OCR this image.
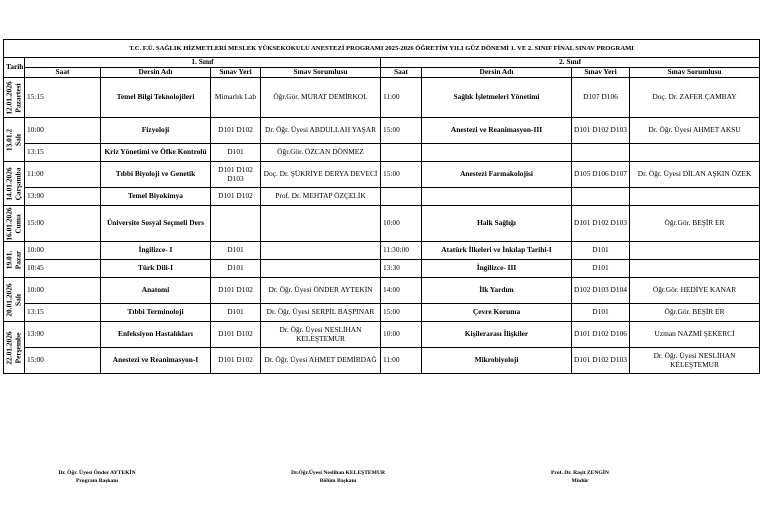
T.C. F.Ü. SAĞLIK HİZMETLERİ MESLEK YÜKSEKOKULU ANESTEZİ PROGRAMI 2025-2026 ÖĞRETİM YILI GÜZ DÖNEMİ 1. VE 2. SINIF FİNAL SINAV PROGRAMI								
Tarih	1. Sınıf				2. Sınıf			
	Saat	Dersin Adı	Sınav Yeri	Sınav Sorumlusu	Saat	Dersin Adı	Sınav Yeri	Sınav Sorumlusu

12.01.2026 Pazartesi	15:15	Temel Bilgi Teknolojileri	Mimarlık Lab	Öğr.Gör. MURAT DEMİRKOL	11:00	Sağlık İşletmeleri Yönetimi	D107 D106	Doç. Dr. ZAFER ÇAMBAY

13.01.2 Salı	10:00	Fizyoloji	D101 D102	Dr. Öğr. Üyesi ABDULLAH YAŞAR	15:00	Anestezi ve Reanimasyon-III	D101 D102 D103	Dr. Öğr. Üyesi AHMET AKSU
	13:15	Kriz Yönetimi ve Öfke Kontrolü	D101	Öğr.Gör. ÖZCAN DÖNMEZ				

14.01.2026 Çarşamba	11:00	Tıbbi Biyoloji ve Genetik	D101 D102 D103	Doç. Dr. ŞÜKRİYE DERYA DEVECİ	15:00	Anestezi Farmakolojisi	D105 D106 D107	Dr. Öğr. Üyesi DİLAN AŞKIN ÖZEK
	13:00	Temel Biyokimya	D101 D102	Prof. Dr. MEHTAP ÖZÇELİK				

16.01.2026 Cuma	15:00	Üniversite Sosyal Seçmeli Ders			10:00	Halk Sağlığı	D101 D102 D103	Öğr.Gör. BEŞİR ER

19.01. Pazar	10:00	İngilizce- I	D101		11:30:00	Atatürk İlkeleri ve İnkılap Tarihi-I	D101	
	10:45	Türk Dili-I	D101		13:30	İngilizce- III	D101	

20.01.2026 Salı	10:00	Anatomi	D101 D102	Dr. Öğr. Üyesi ÖNDER AYTEKİN	14:00	İlk Yardım	D102 D103 D104	Öğr.Gör. HEDİYE KANAR
	13:15	Tıbbi Terminoloji	D101	Dr. Öğr. Üyesi SERPİL BAŞPINAR	15:00	Çevre Koruma	D101	Öğr.Gör. BEŞİR ER

22.01.2026 Perşembe	13:00	Enfeksiyon Hastalıkları	D101 D102	Dr. Öğr. Üyesi NESLİHAN KELEŞTEMUR	10:00	Kişilerarası İlişkiler	D101 D102 D106	Uzman NAZMİ ŞEKERCİ
	15:00	Anestezi ve Reanimasyon-I	D101 D102	Dr. Öğr. Üyesi AHMET DEMİRDAĞ	11:00	Mikrobiyoloji	D101 D102 D103	Dr. Öğr. Üyesi NESLİHAN KELEŞTEMUR
Dr. Öğr. Üyesi Önder AYTEKİN
Program Başkanı
Dr.Öğr.Üyesi Neslihan KELEŞTEMUR
Bölüm Başkanı
Prof. Dr. Raşit ZENGİN
Müdür
